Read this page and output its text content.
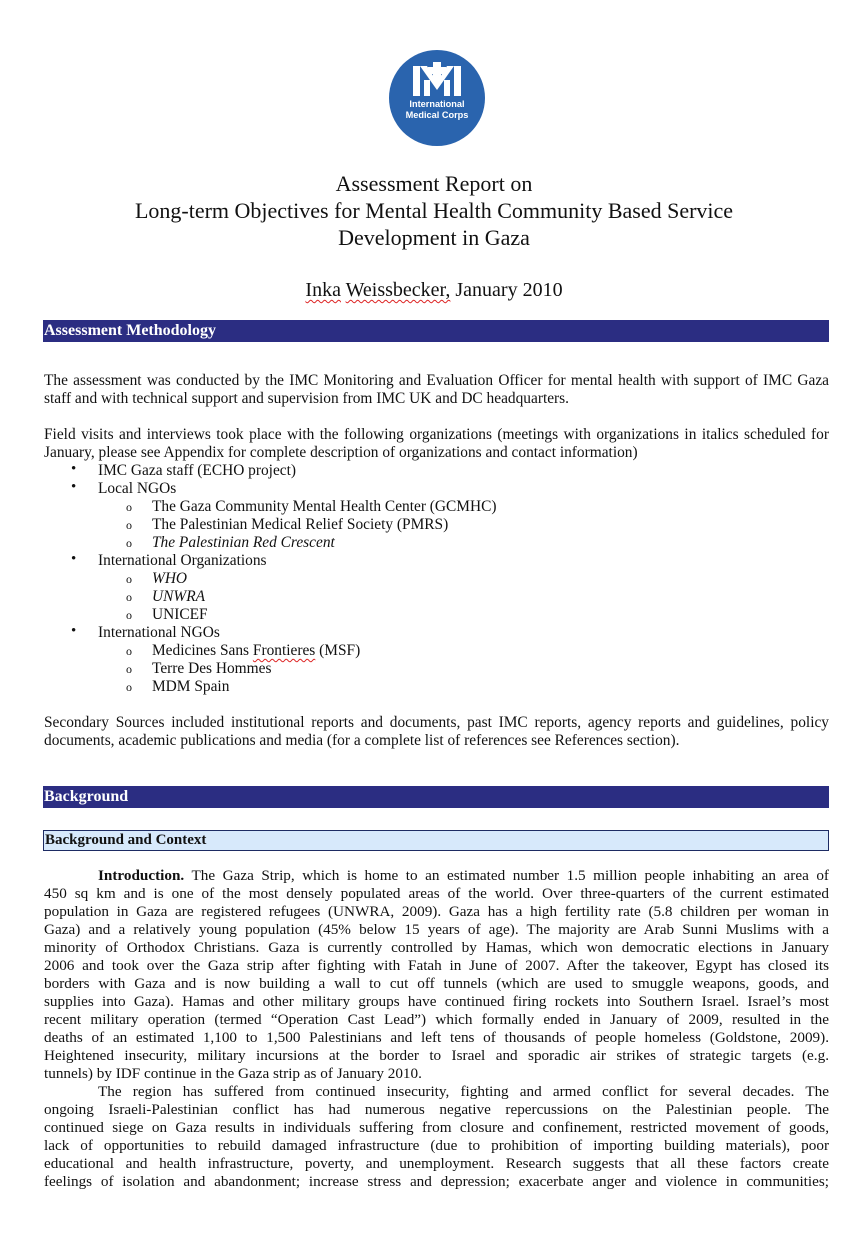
International
Medical Corps
Assessment Report on
Long-term Objectives for Mental Health Community Based Service
Development in Gaza
Inka Weissbecker, January 2010
Assessment Methodology
The assessment was conducted by the IMC Monitoring and Evaluation Officer for mental health with support of IMC Gaza staff and with technical support and supervision from IMC UK and DC headquarters.
Field visits and interviews took place with the following organizations (meetings with organizations in italics scheduled for January, please see Appendix for complete description of organizations and contact information)
• IMC Gaza staff (ECHO project)
• Local NGOs
o The Gaza Community Mental Health Center (GCMHC)
o The Palestinian Medical Relief Society (PMRS)
o The Palestinian Red Crescent
• International Organizations
o WHO
o UNWRA
o UNICEF
• International NGOs
o Medicines Sans Frontieres (MSF)
o Terre Des Hommes
o MDM Spain
Secondary Sources included institutional reports and documents, past IMC reports, agency reports and guidelines, policy documents, academic publications and media (for a complete list of references see References section).
Background
Background and Context
Introduction. The Gaza Strip, which is home to an estimated number 1.5 million people inhabiting an area of
450 sq km and is one of the most densely populated areas of the world. Over three-quarters of the current estimated
population in Gaza are registered refugees (UNWRA, 2009). Gaza has a high fertility rate (5.8 children per woman in
Gaza) and a relatively young population (45% below 15 years of age). The majority are Arab Sunni Muslims with a
minority of Orthodox Christians. Gaza is currently controlled by Hamas, which won democratic elections in January
2006 and took over the Gaza strip after fighting with Fatah in June of 2007. After the takeover, Egypt has closed its
borders with Gaza and is now building a wall to cut off tunnels (which are used to smuggle weapons, goods, and
supplies into Gaza). Hamas and other military groups have continued firing rockets into Southern Israel. Israel’s most
recent military operation (termed “Operation Cast Lead”) which formally ended in January of 2009, resulted in the
deaths of an estimated 1,100 to 1,500 Palestinians and left tens of thousands of people homeless (Goldstone, 2009).
Heightened insecurity, military incursions at the border to Israel and sporadic air strikes of strategic targets (e.g.
tunnels) by IDF continue in the Gaza strip as of January 2010.
The region has suffered from continued insecurity, fighting and armed conflict for several decades. The
ongoing Israeli-Palestinian conflict has had numerous negative repercussions on the Palestinian people. The
continued siege on Gaza results in individuals suffering from closure and confinement, restricted movement of goods,
lack of opportunities to rebuild damaged infrastructure (due to prohibition of importing building materials), poor
educational and health infrastructure, poverty, and unemployment. Research suggests that all these factors create
feelings of isolation and abandonment; increase stress and depression; exacerbate anger and violence in communities;
